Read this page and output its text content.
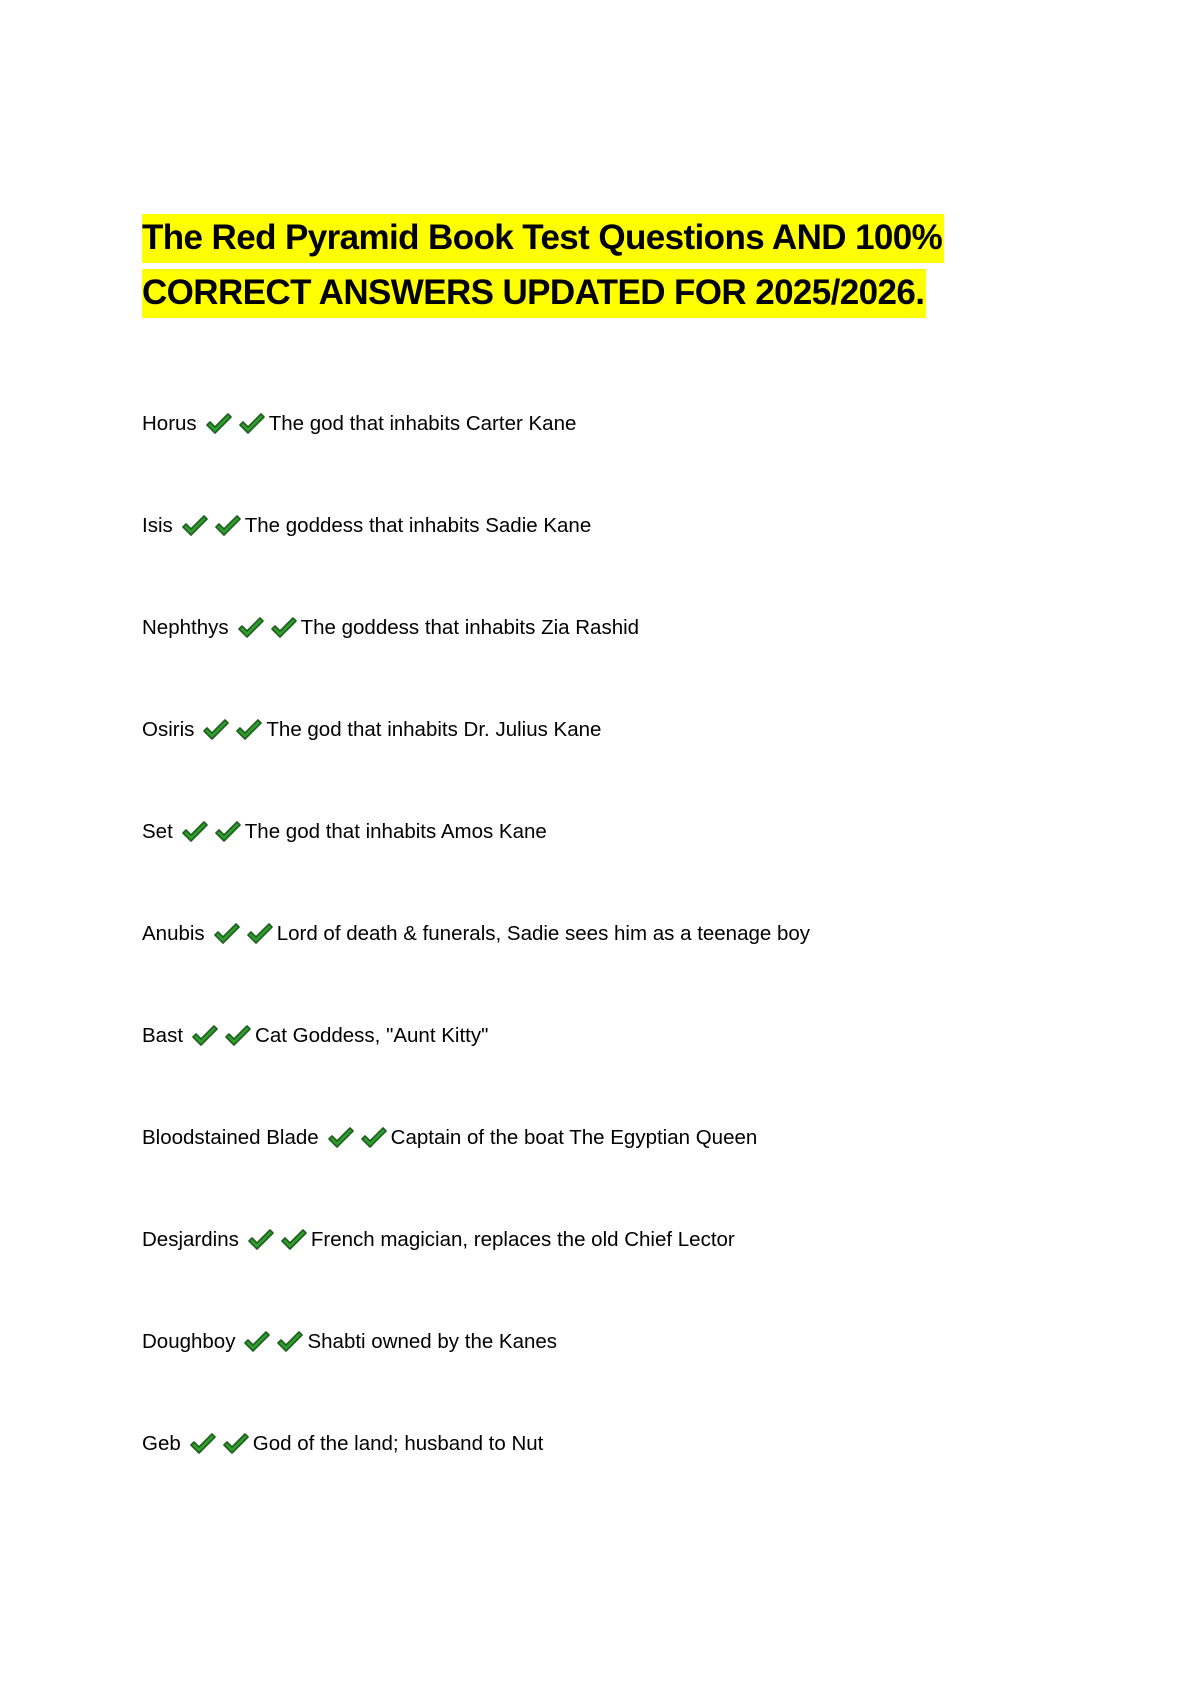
The Red Pyramid Book Test Questions AND 100%
CORRECT ANSWERS UPDATED FOR 2025/2026.
Horus	The god that inhabits Carter Kane
Isis	The goddess that inhabits Sadie Kane
Nephthys	The goddess that inhabits Zia Rashid
Osiris	The god that inhabits Dr. Julius Kane
Set	The god that inhabits Amos Kane
Anubis	Lord of death & funerals, Sadie sees him as a teenage boy
Bast	Cat Goddess, "Aunt Kitty"
Bloodstained Blade	Captain of the boat The Egyptian Queen
Desjardins	French magician, replaces the old Chief Lector
Doughboy	Shabti owned by the Kanes
Geb	God of the land; husband to Nut
